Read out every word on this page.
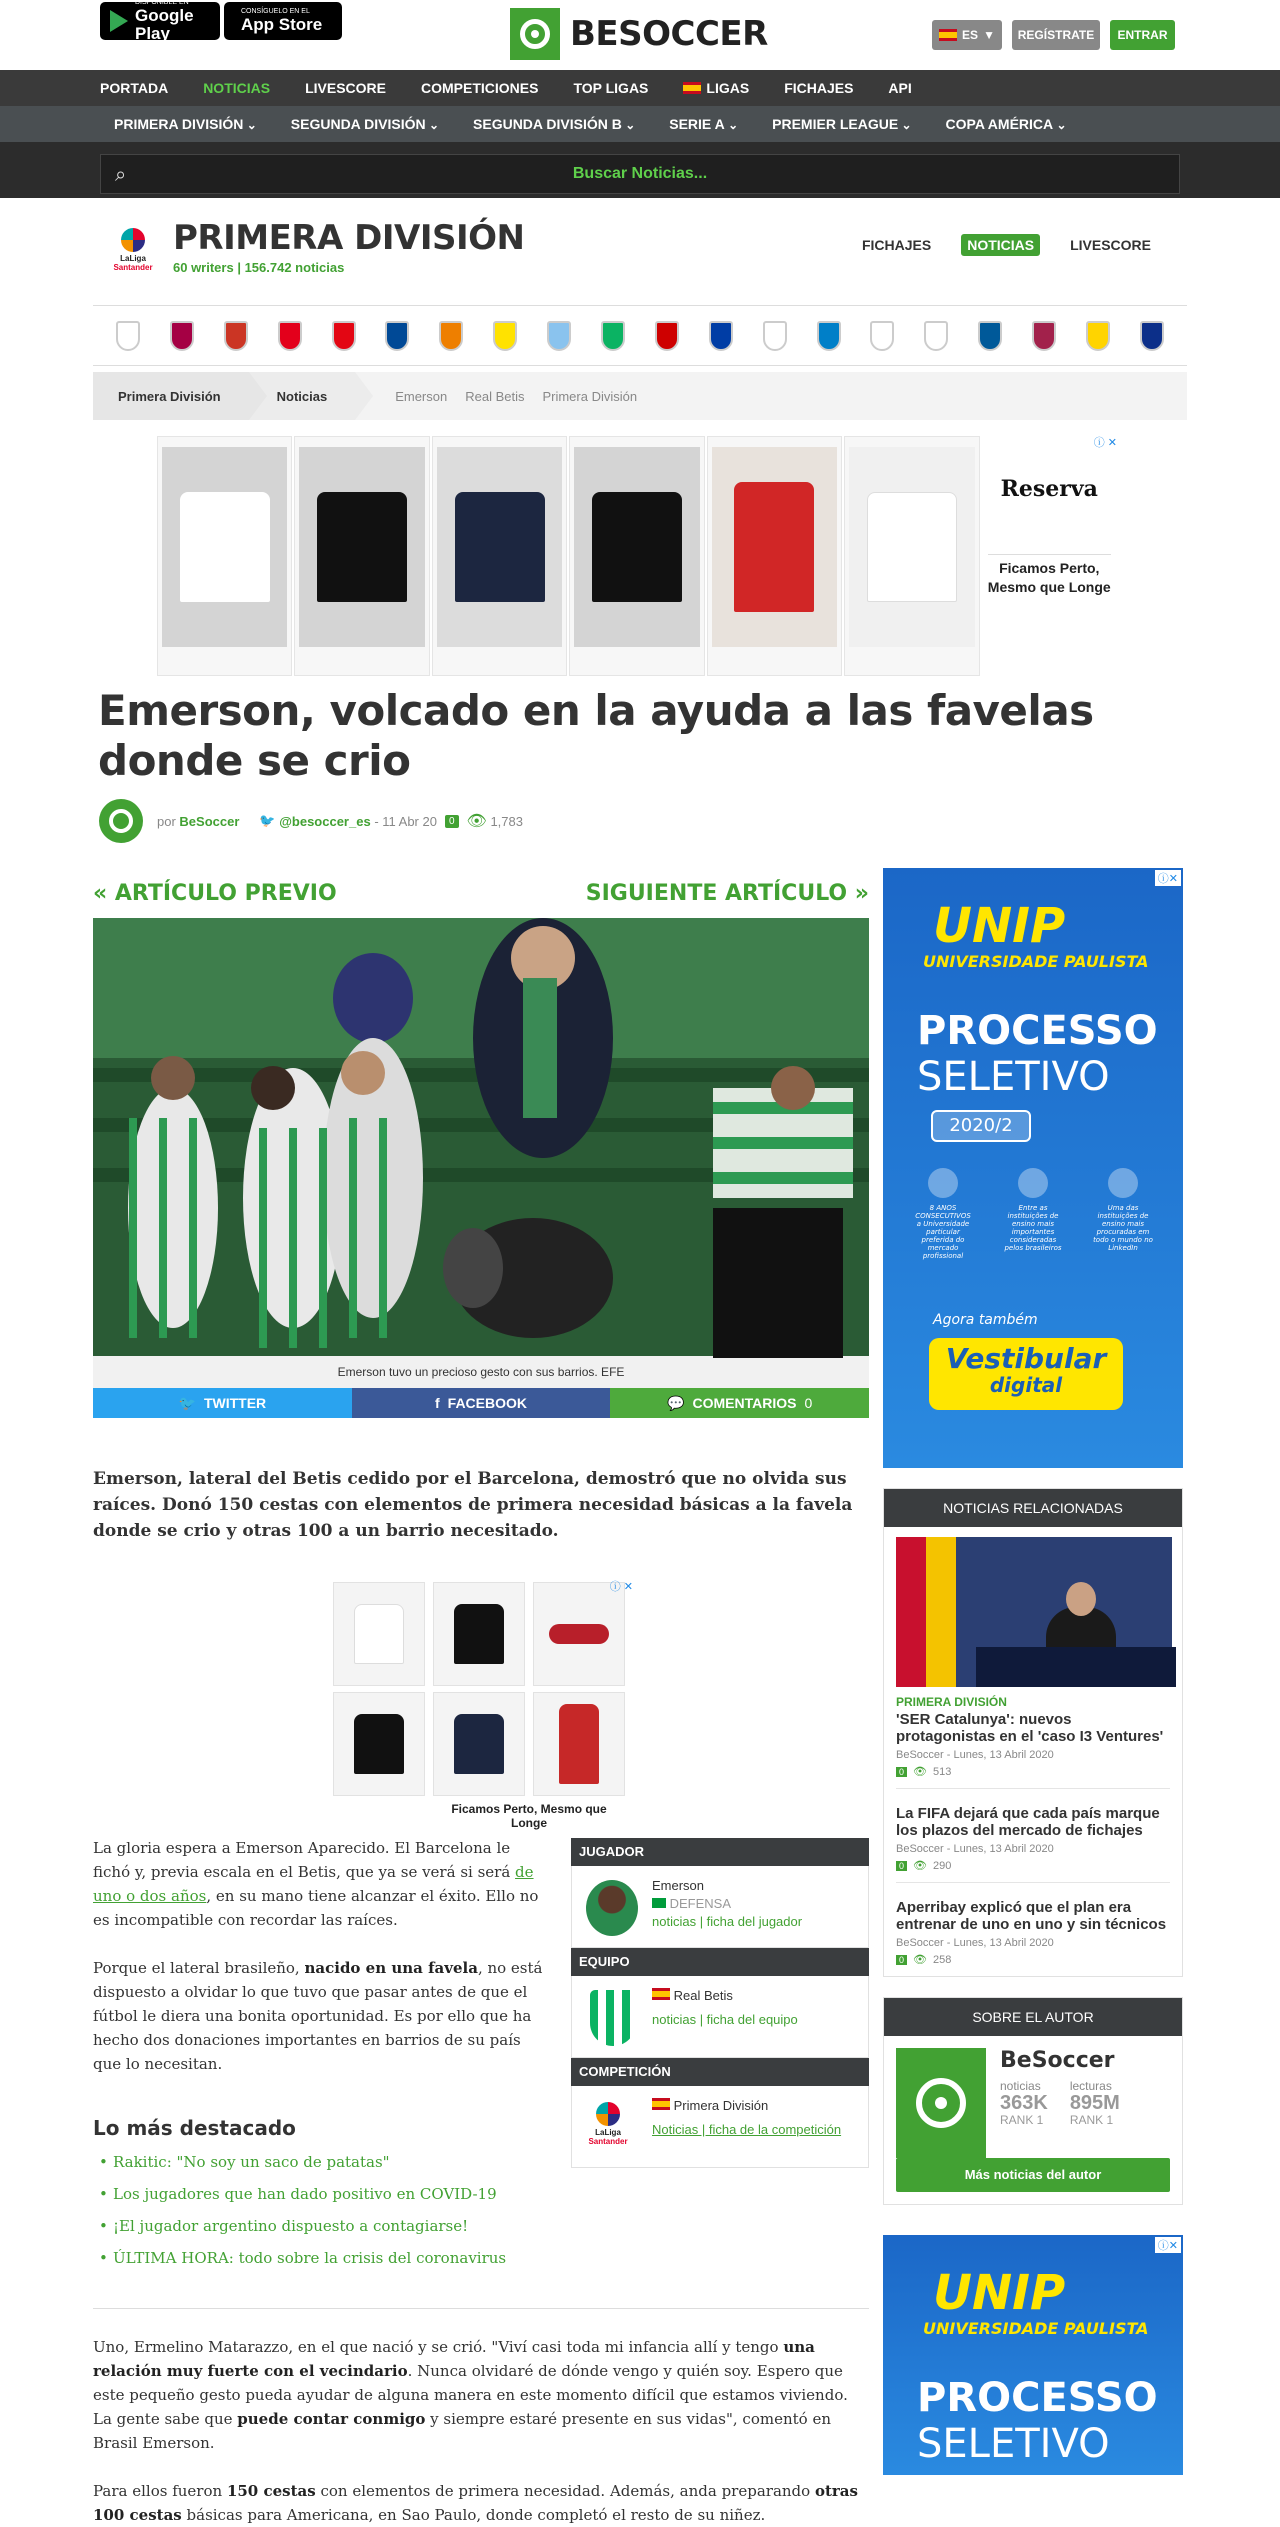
DISPONIBLE EN
Google Play
CONSÍGUELO EN EL
App Store	BESOCCER	ES ▼	REGÍSTRATE	ENTRAR
PORTADA	NOTICIAS	LIVESCORE	COMPETICIONES	TOP LIGAS	LIGAS	FICHAJES	API
PRIMERA DIVISIÓN ⌄	SEGUNDA DIVISIÓN ⌄	SEGUNDA DIVISIÓN B ⌄	SERIE A ⌄	PREMIER LEAGUE ⌄	COPA AMÉRICA ⌄
⌕
Buscar Noticias...
LaLiga
Santander
PRIMERA DIVISIÓN
60 writers | 156.742 noticias
FICHAJES	NOTICIAS	LIVESCORE
Primera División	Noticias	Emerson Real Betis Primera División
Reserva
Ficamos Perto, Mesmo que Longe
ⓘ ✕
Emerson, volcado en la ayuda a las favelas donde se crio
por
BeSoccer 🐦
@besoccer_es
- 11 Abr 20	0 👁
1,783
« ARTÍCULO PREVIO	SIGUIENTE ARTÍCULO »
Emerson tuvo un precioso gesto con sus barrios. EFE
🐦 TWITTER	f FACEBOOK	💬 COMENTARIOS 0

Emerson, lateral del Betis cedido por el Barcelona, demostró que no olvida sus raíces. Donó 150 cestas con elementos de primera necesidad básicas a la favela donde se crio y otras 100 a un barrio necesitado.

Ficamos Perto, Mesmo que Longe
ⓘ ✕

La gloria espera a Emerson Aparecido. El Barcelona le fichó y, previa escala en el Betis, que ya se verá si será de uno o dos años, en su mano tiene alcanzar el éxito. Ello no es incompatible con recordar las raíces.

Porque el lateral brasileño, nacido en una favela, no está dispuesto a olvidar lo que tuvo que pasar antes de que el fútbol le diera una bonita oportunidad. Es por ello que ha hecho dos donaciones importantes en barrios de su país que lo necesitan.

Lo más destacado
• Rakitic: "No soy un saco de patatas"
• Los jugadores que han dado positivo en COVID-19
• ¡El jugador argentino dispuesto a contagiarse!
• ÚLTIMA HORA: todo sobre la crisis del coronavirus

Uno, Ermelino Matarazzo, en el que nació y se crió. "Viví casi toda mi infancia allí y tengo una relación muy fuerte con el vecindario. Nunca olvidaré de dónde vengo y quién soy. Espero que este pequeño gesto pueda ayudar de alguna manera en este momento difícil que estamos viviendo. La gente sabe que puede contar conmigo y siempre estaré presente en sus vidas", comentó en Brasil Emerson.

Para ellos fueron 150 cestas con elementos de primera necesidad. Además, anda preparando otras 100 cestas básicas para Americana, en Sao Paulo, donde completó el resto de su niñez.

JUGADOR
Emerson
DEFENSA
noticias | ficha del jugador
EQUIPO
Real Betis
noticias | ficha del equipo
COMPETICIÓN
LaLiga
Santander
Primera División
Noticias | ficha de la competición
ⓘ✕
UNIP
UNIVERSIDADE PAULISTA
PROCESSO
SELETIVO
2020/2
8 ANOS CONSECUTIVOS a Universidade particular preferida do mercado profissional
Entre as instituições de ensino mais importantes consideradas pelos brasileiros
Uma das instituições de ensino mais procuradas em todo o mundo no LinkedIn
Agora também
Vestibular
digital
NOTICIAS RELACIONADAS
PRIMERA DIVISIÓN
'SER Catalunya': nuevos protagonistas en el 'caso I3 Ventures'
BeSoccer - Lunes, 13 Abril 2020
0 👁 513
La FIFA dejará que cada país marque los plazos del mercado de fichajes
BeSoccer - Lunes, 13 Abril 2020
0 👁 290
Aperribay explicó que el plan era entrenar de uno en uno y sin técnicos
BeSoccer - Lunes, 13 Abril 2020
0 👁 258
SOBRE EL AUTOR
BeSoccer
noticias
363K
RANK 1
lecturas
895M
RANK 1
Más noticias del autor
ⓘ✕
UNIP
UNIVERSIDADE PAULISTA
PROCESSO
SELETIVO
